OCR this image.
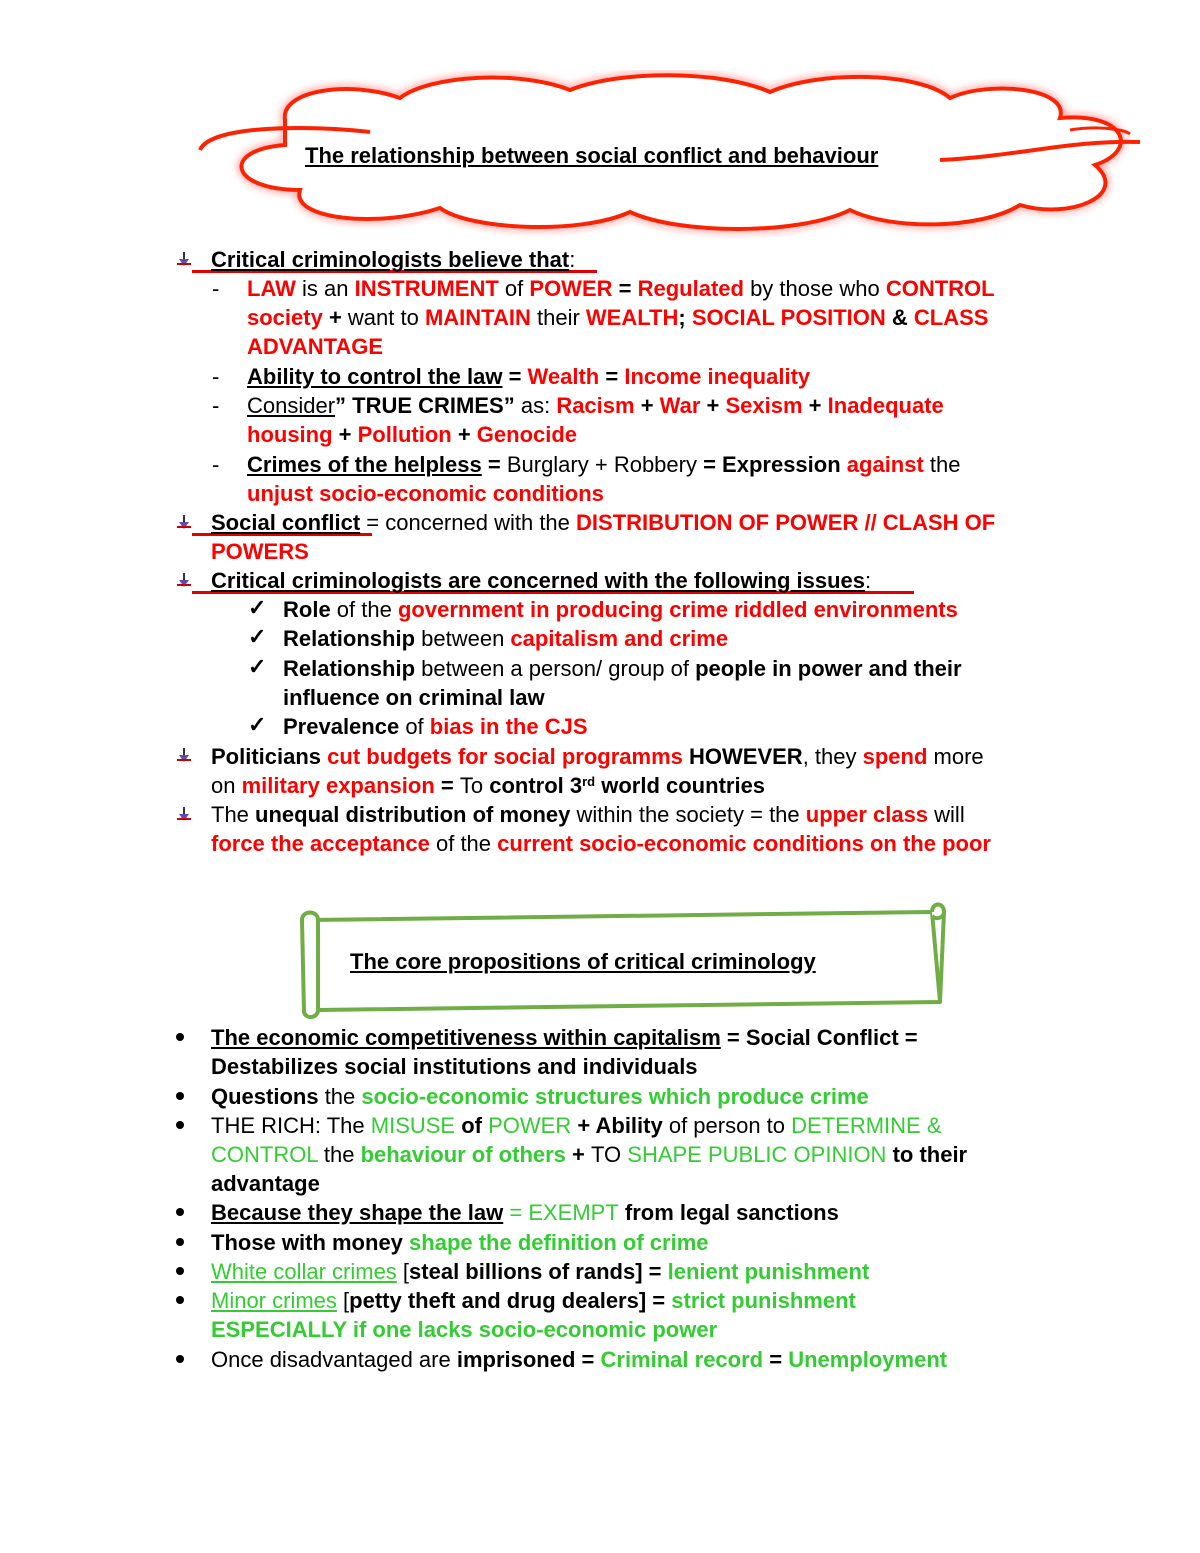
The relationship between social conflict and behaviour
Critical criminologists believe that:
- LAW is an INSTRUMENT of POWER = Regulated by those who CONTROL
society + want to MAINTAIN their WEALTH; SOCIAL POSITION & CLASS
ADVANTAGE
- Ability to control the law = Wealth = Income inequality
- Consider” TRUE CRIMES” as: Racism + War + Sexism + Inadequate
housing + Pollution + Genocide
- Crimes of the helpless = Burglary + Robbery = Expression against the
unjust socio-economic conditions
Social conflict = concerned with the DISTRIBUTION OF POWER // CLASH OF
POWERS
Critical criminologists are concerned with the following issues:
✓ Role of the government in producing crime riddled environments
✓ Relationship between capitalism and crime
✓ Relationship between a person/ group of people in power and their
influence on criminal law
✓ Prevalence of bias in the CJS
Politicians cut budgets for social programms HOWEVER, they spend more
on military expansion = To control 3rd world countries
The unequal distribution of money within the society = the upper class will
force the acceptance of the current socio-economic conditions on the poor
The core propositions of critical criminology
The economic competitiveness within capitalism = Social Conflict =
Destabilizes social institutions and individuals
Questions the socio-economic structures which produce crime
THE RICH: The MISUSE of POWER + Ability of person to DETERMINE &
CONTROL the behaviour of others + TO SHAPE PUBLIC OPINION to their
advantage
Because they shape the law = EXEMPT from legal sanctions
Those with money shape the definition of crime
White collar crimes [steal billions of rands] = lenient punishment
Minor crimes [petty theft and drug dealers] = strict punishment
ESPECIALLY if one lacks socio-economic power
Once disadvantaged are imprisoned = Criminal record = Unemployment
